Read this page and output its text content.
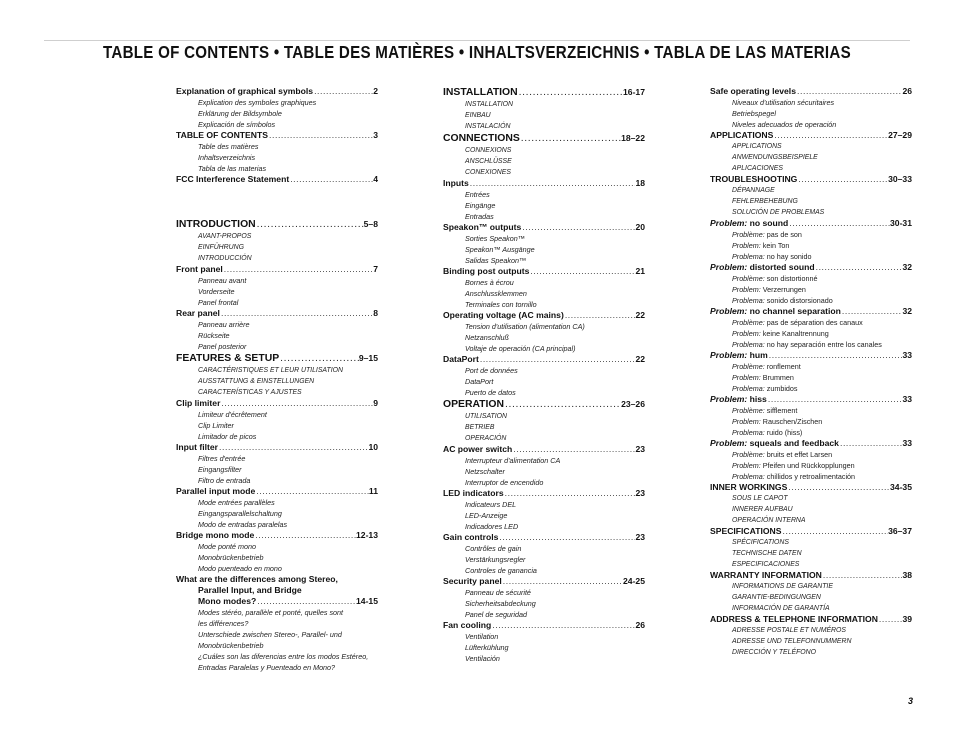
TABLE OF CONTENTS • TABLE DES MATIÈRES • INHALTSVERZEICHNIS • TABLA DE LAS MATERIAS
Explanation of graphical symbols .....	2
Explication des symboles graphiques
Erklärung der Bildsymbole
Explicación de símbolos
TABLE OF CONTENTS .....	3
Table des matières
Inhaltsverzeichnis
Tabla de las materias
FCC Interference Statement .....	4
INTRODUCTION .....	5–8
AVANT-PROPOS
EINFÜHRUNG
INTRODUCCIÓN
Front panel .....	7
Panneau avant
Vorderseite
Panel frontal
Rear panel .....	8
Panneau arrière
Rückseite
Panel posterior
FEATURES & SETUP .....	9–15
CARACTÉRISTIQUES ET LEUR UTILISATION
AUSSTATTUNG & EINSTELLUNGEN
CARACTERÍSTICAS Y AJUSTES
Clip limiter .....	9
Limiteur d'écrêtement
Clip Limiter
Limitador de picos
Input filter .....	10
Filtres d'entrée
Eingangsfilter
Filtro de entrada
Parallel input mode .....	11
Mode entrées parallèles
Eingangsparallelschaltung
Modo de entradas paralelas
Bridge mono mode .....	12-13
Mode ponté mono
Monobrückenbetrieb
Modo puenteado en mono
What are the differences among Stereo,
Parallel Input, and Bridge
Mono modes? .....	14-15
Modes stéréo, parallèle et ponté, quelles sont
les différences?
Unterschiede zwischen Stereo-, Parallel- und
Monobrückenbetrieb
¿Cuáles son las diferencias entre los modos Estéreo,
Entradas Paralelas y Puenteado en Mono?
INSTALLATION .....	16-17
INSTALLATION
EINBAU
INSTALACIÓN
CONNECTIONS .....	18–22
CONNEXIONS
ANSCHLÜSSE
CONEXIONES
Inputs .....	18
Entrées
Eingänge
Entradas
Speakon™ outputs .....	20
Sorties Speakon™
Speakon™ Ausgänge
Salidas Speakon™
Binding post outputs .....	21
Bornes à écrou
Anschlussklemmen
Terminales con tornillo
Operating voltage (AC mains) .....	22
Tension d'utilisation (alimentation CA)
Netzanschluß
Voltaje de operación (CA principal)
DataPort .....	22
Port de données
DataPort
Puerto de datos
OPERATION .....	23–26
UTILISATION
BETRIEB
OPERACIÓN
AC power switch .....	23
Interrupteur d'alimentation CA
Netzschalter
Interruptor de encendido
LED indicators .....	23
Indicateurs DEL
LED-Anzeige
Indicadores LED
Gain controls .....	23
Contrôles de gain
Verstärkungsregler
Controles de ganancia
Security panel .....	24-25
Panneau de sécurité
Sicherheitsabdeckung
Panel de seguridad
Fan cooling .....	26
Ventilation
Lüfterkühlung
Ventilación
Safe operating levels .....	26
Niveaux d'utilisation sécuritaires
Betriebspegel
Niveles adecuados de operación
APPLICATIONS .....	27–29
APPLICATIONS
ANWENDUNGSBEISPIELE
APLICACIONES
TROUBLESHOOTING .....	30–33
DÉPANNAGE
FEHLERBEHEBUNG
SOLUCIÓN DE PROBLEMAS
Problem: no sound .....	30-31
Problème: pas de son
Problem: kein Ton
Problema: no hay sonido
Problem: distorted sound .....	32
Problème: son distortionné
Problem: Verzerrungen
Problema: sonido distorsionado
Problem: no channel separation .....	32
Problème: pas de séparation des canaux
Problem: keine Kanaltrennung
Problema: no hay separación entre los canales
Problem: hum .....	33
Problème: ronflement
Problem: Brummen
Problema: zumbidos
Problem: hiss .....	33
Problème: sifflement
Problem: Rauschen/Zischen
Problema: ruido (hiss)
Problem: squeals and feedback .....	33
Problème: bruits et effet Larsen
Problem: Pfeifen und Rückkopplungen
Problema: chillidos y retroalimentación
INNER WORKINGS .....	34-35
SOUS LE CAPOT
INNERER AUFBAU
OPERACIÓN INTERNA
SPECIFICATIONS .....	36–37
SPÉCIFICATIONS
TECHNISCHE DATEN
ESPECIFICACIONES
WARRANTY INFORMATION .....	38
INFORMATIONS DE GARANTIE
GARANTIE-BEDINGUNGEN
INFORMACIÓN DE GARANTÍA
ADDRESS & TELEPHONE INFORMATION .....	39
ADRESSE POSTALE ET NUMÉROS
ADRESSE UND TELEFONNUMMERN
DIRECCIÓN Y TELÉFONO
3
